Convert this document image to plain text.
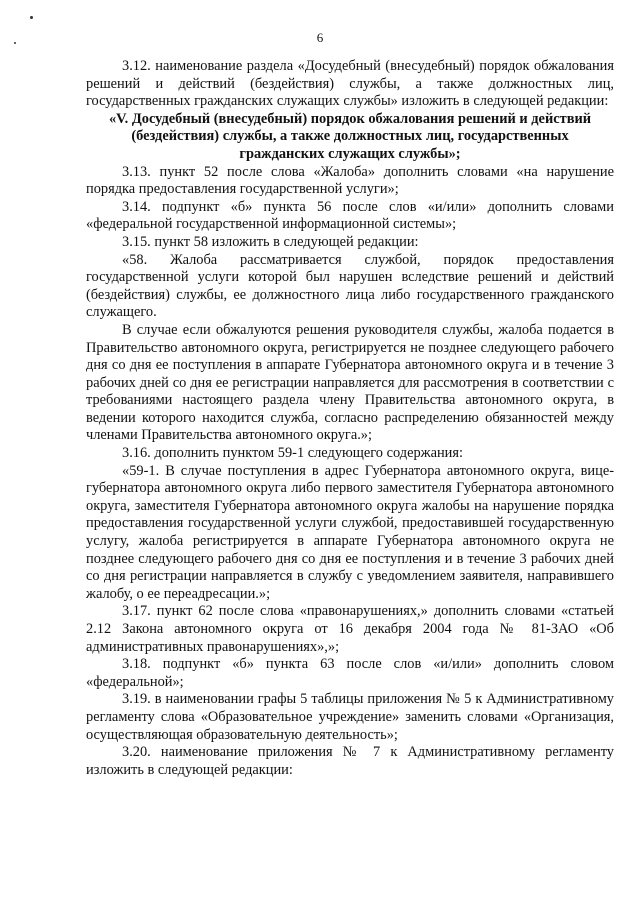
6

3.12. наименование раздела «Досудебный (внесудебный) порядок обжалования решений и действий (бездействия) службы, а также должностных лиц, государственных гражданских служащих службы» изложить в следующей редакции:

«V. Досудебный (внесудебный) порядок обжалования решений и действий (бездействия) службы, а также должностных лиц, государственных гражданских служащих службы»;

3.13. пункт 52 после слова «Жалоба» дополнить словами «на нарушение порядка предоставления государственной услуги»;

3.14. подпункт «б» пункта 56 после слов «и/или» дополнить словами «федеральной государственной информационной системы»;

3.15. пункт 58 изложить в следующей редакции:

«58. Жалоба рассматривается службой, порядок предоставления государственной услуги которой был нарушен вследствие решений и действий (бездействия) службы, ее должностного лица либо государственного гражданского служащего.

В случае если обжалуются решения руководителя службы, жалоба подается в Правительство автономного округа, регистрируется не позднее следующего рабочего дня со дня ее поступления в аппарате Губернатора автономного округа и в течение 3 рабочих дней со дня ее регистрации направляется для рассмотрения в соответствии с требованиями настоящего раздела члену Правительства автономного округа, в ведении которого находится служба, согласно распределению обязанностей между членами Правительства автономного округа.»;

3.16. дополнить пунктом 59-1 следующего содержания:

«59-1. В случае поступления в адрес Губернатора автономного округа, вице-губернатора автономного округа либо первого заместителя Губернатора автономного округа, заместителя Губернатора автономного округа жалобы на нарушение порядка предоставления государственной услуги службой, предоставившей государственную услугу, жалоба регистрируется в аппарате Губернатора автономного округа не позднее следующего рабочего дня со дня ее поступления и в течение 3 рабочих дней со дня регистрации направляется в службу с уведомлением заявителя, направившего жалобу, о ее переадресации.»;

3.17. пункт 62 после слова «правонарушениях,» дополнить словами «статьей 2.12 Закона автономного округа от 16 декабря 2004 года № 81-ЗАО «Об административных правонарушениях»,»;

3.18. подпункт «б» пункта 63 после слов «и/или» дополнить словом «федеральной»;

3.19. в наименовании графы 5 таблицы приложения № 5 к Административному регламенту слова «Образовательное учреждение» заменить словами «Организация, осуществляющая образовательную деятельность»;

3.20. наименование приложения № 7 к Административному регламенту изложить в следующей редакции:
